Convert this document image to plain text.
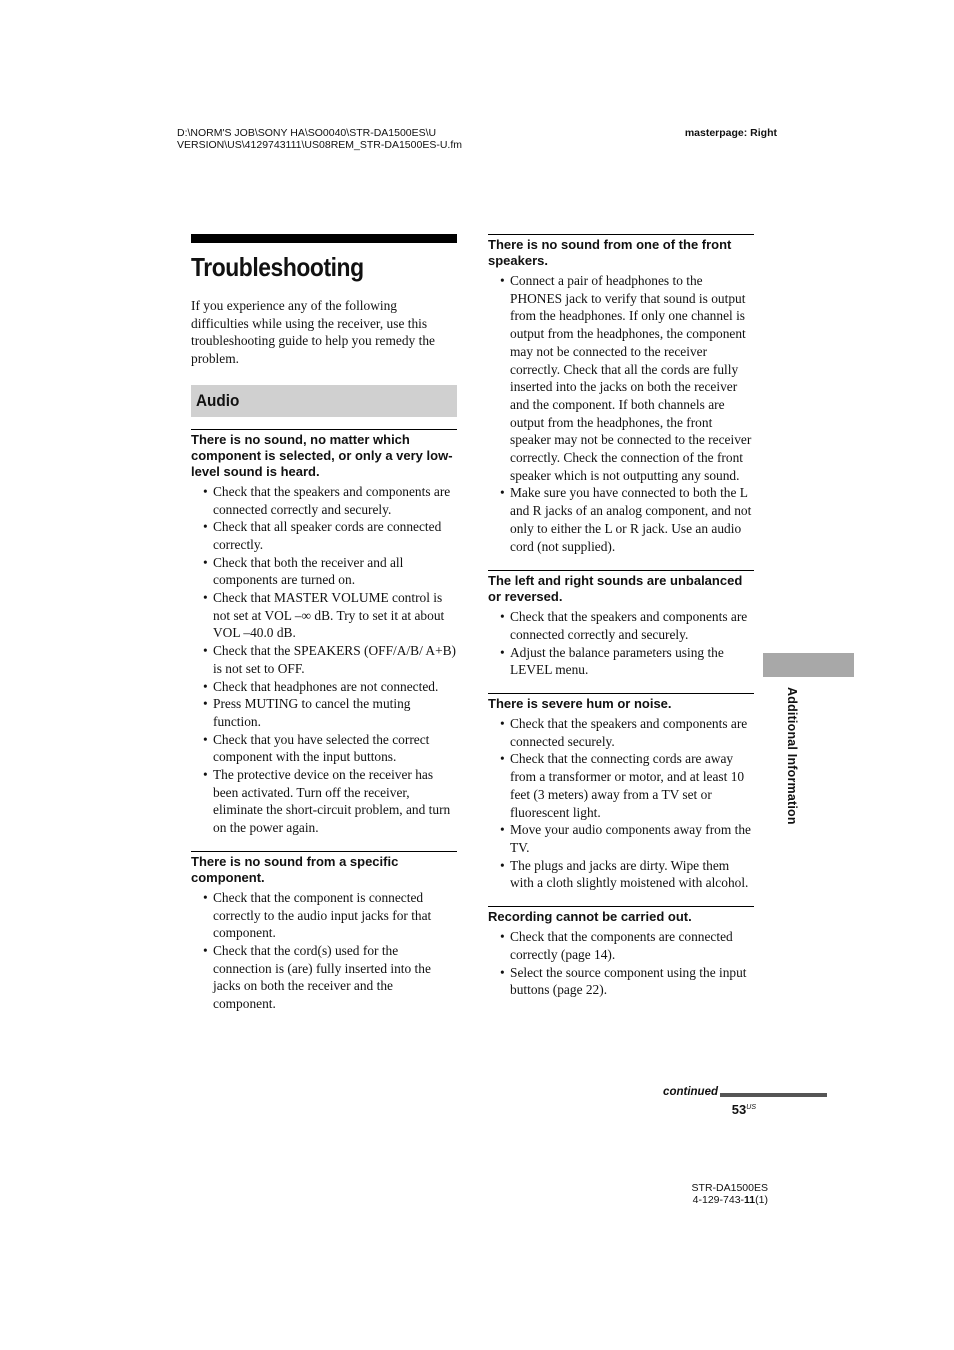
D:\NORM'S JOB\SONY HA\SO0040\STR-DA1500ES\U
VERSION\US\4129743111\US08REM_STR-DA1500ES-U.fm
masterpage: Right
Troubleshooting

If you experience any of the following difficulties while using the receiver, use this troubleshooting guide to help you remedy the problem.

Audio
There is no sound, no matter which component is selected, or only a very low-level sound is heard.
• Check that the speakers and components are connected correctly and securely.
• Check that all speaker cords are connected correctly.
• Check that both the receiver and all components are turned on.
• Check that MASTER VOLUME control is not set at VOL –∞ dB. Try to set it at about VOL –40.0 dB.
• Check that the SPEAKERS (OFF/A/B/ A+B) is not set to OFF.
• Check that headphones are not connected.
• Press MUTING to cancel the muting function.
• Check that you have selected the correct component with the input buttons.
• The protective device on the receiver has been activated. Turn off the receiver, eliminate the short-circuit problem, and turn on the power again.
There is no sound from a specific component.
• Check that the component is connected correctly to the audio input jacks for that component.
• Check that the cord(s) used for the connection is (are) fully inserted into the jacks on both the receiver and the component.
There is no sound from one of the front speakers.
• Connect a pair of headphones to the PHONES jack to verify that sound is output from the headphones. If only one channel is output from the headphones, the component may not be connected to the receiver correctly. Check that all the cords are fully inserted into the jacks on both the receiver and the component. If both channels are output from the headphones, the front speaker may not be connected to the receiver correctly. Check the connection of the front speaker which is not outputting any sound.
• Make sure you have connected to both the L and R jacks of an analog component, and not only to either the L or R jack. Use an audio cord (not supplied).
The left and right sounds are unbalanced or reversed.
• Check that the speakers and components are connected correctly and securely.
• Adjust the balance parameters using the LEVEL menu.
There is severe hum or noise.
• Check that the speakers and components are connected securely.
• Check that the connecting cords are away from a transformer or motor, and at least 10 feet (3 meters) away from a TV set or fluorescent light.
• Move your audio components away from the TV.
• The plugs and jacks are dirty. Wipe them with a cloth slightly moistened with alcohol.
Recording cannot be carried out.
• Check that the components are connected correctly (page 14).
• Select the source component using the input buttons (page 22).
Additional Information
continued
$53^{US}$
STR-DA1500ES
4-129-743-11(1)
